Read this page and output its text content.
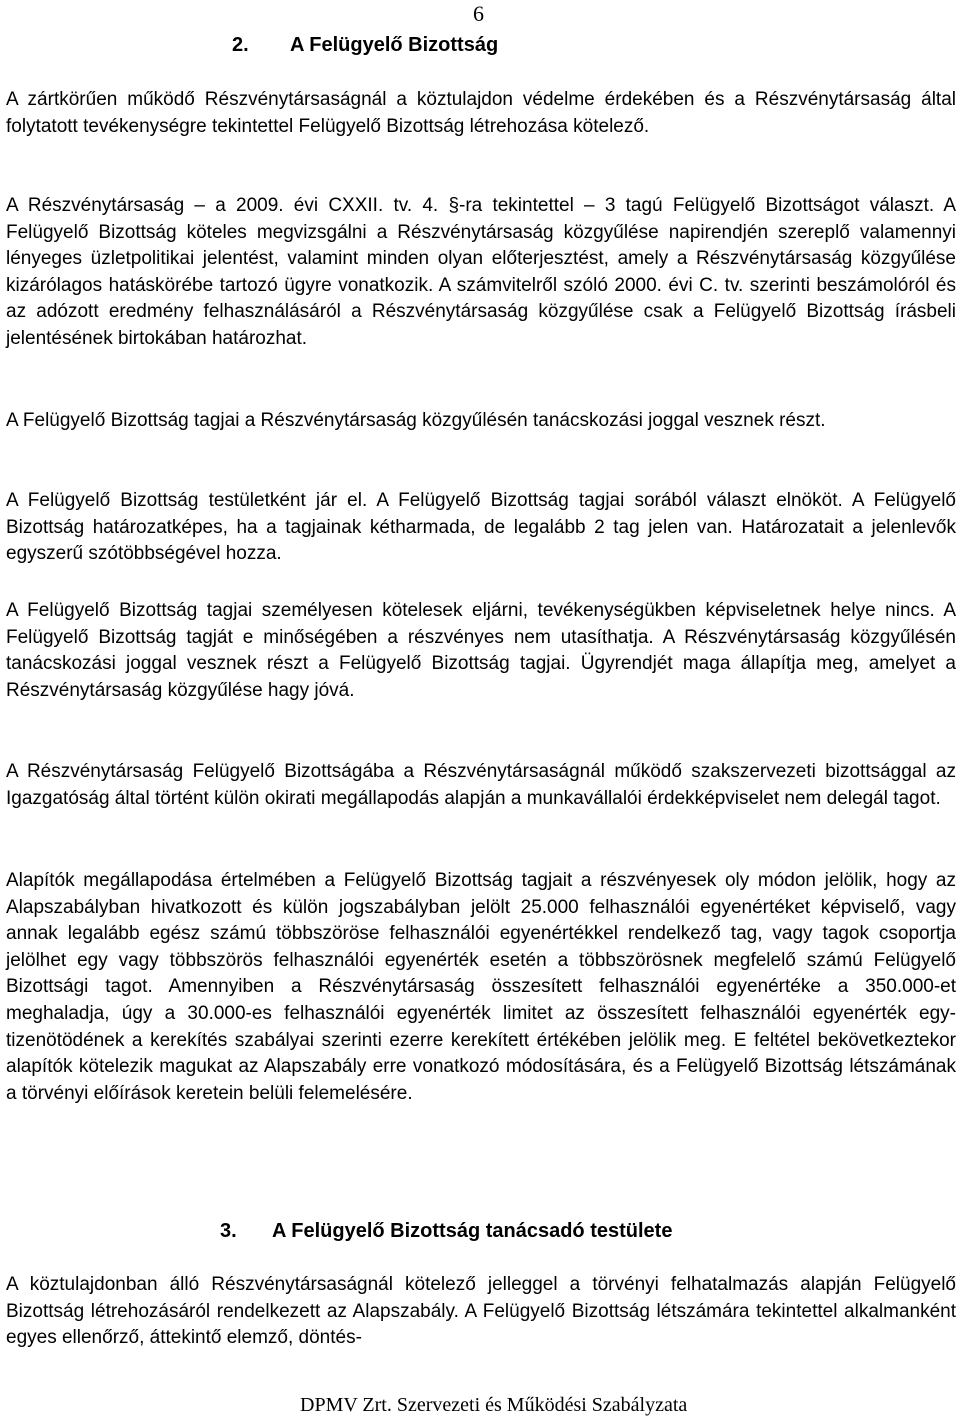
6
2. A Felügyelő Bizottság
A zártkörűen működő Részvénytársaságnál a köztulajdon védelme érdekében és a Részvénytársaság által folytatott tevékenységre tekintettel Felügyelő Bizottság létrehozása kötelező.
A Részvénytársaság – a 2009. évi CXXII. tv. 4. §-ra tekintettel – 3 tagú Felügyelő Bizottságot választ. A Felügyelő Bizottság köteles megvizsgálni a Részvénytársaság közgyűlése napirendjén szereplő valamennyi lényeges üzletpolitikai jelentést, valamint minden olyan előterjesztést, amely a Részvénytársaság közgyűlése kizárólagos hatáskörébe tartozó ügyre vonatkozik. A számvitelről szóló 2000. évi C. tv. szerinti beszámolóról és az adózott eredmény felhasználásáról a Részvénytársaság közgyűlése csak a Felügyelő Bizottság írásbeli jelentésének birtokában határozhat.
A Felügyelő Bizottság tagjai a Részvénytársaság közgyűlésén tanácskozási joggal vesznek részt.
A Felügyelő Bizottság testületként jár el. A Felügyelő Bizottság tagjai sorából választ elnököt. A Felügyelő Bizottság határozatképes, ha a tagjainak kétharmada, de legalább 2 tag jelen van. Határozatait a jelenlevők egyszerű szótöbbségével hozza.
A Felügyelő Bizottság tagjai személyesen kötelesek eljárni, tevékenységükben képviseletnek helye nincs. A Felügyelő Bizottság tagját e minőségében a részvényes nem utasíthatja. A Részvénytársaság közgyűlésén tanácskozási joggal vesznek részt a Felügyelő Bizottság tagjai. Ügyrendjét maga állapítja meg, amelyet a Részvénytársaság közgyűlése hagy jóvá.
A Részvénytársaság Felügyelő Bizottságába a Részvénytársaságnál működő szakszervezeti bizottsággal az Igazgatóság által történt külön okirati megállapodás alapján a munkavállalói érdekképviselet nem delegál tagot.
Alapítók megállapodása értelmében a Felügyelő Bizottság tagjait a részvényesek oly módon jelölik, hogy az Alapszabályban hivatkozott és külön jogszabályban jelölt 25.000 felhasználói egyenértéket képviselő, vagy annak legalább egész számú többszöröse felhasználói egyenértékkel rendelkező tag, vagy tagok csoportja jelölhet egy vagy többszörös felhasználói egyenérték esetén a többszörösnek megfelelő számú Felügyelő Bizottsági tagot. Amennyiben a Részvénytársaság összesített felhasználói egyenértéke a 350.000-et meghaladja, úgy a 30.000-es felhasználói egyenérték limitet az összesített felhasználói egyenérték egy-tizenötödének a kerekítés szabályai szerinti ezerre kerekített értékében jelölik meg. E feltétel bekövetkeztekor alapítók kötelezik magukat az Alapszabály erre vonatkozó módosítására, és a Felügyelő Bizottság létszámának a törvényi előírások keretein belüli felemelésére.
3. A Felügyelő Bizottság tanácsadó testülete
A köztulajdonban álló Részvénytársaságnál kötelező jelleggel a törvényi felhatalmazás alapján Felügyelő Bizottság létrehozásáról rendelkezett az Alapszabály. A Felügyelő Bizottság létszámára tekintettel alkalmanként egyes ellenőrző, áttekintő elemző, döntés-
DPMV Zrt. Szervezeti és Működési Szabályzata
